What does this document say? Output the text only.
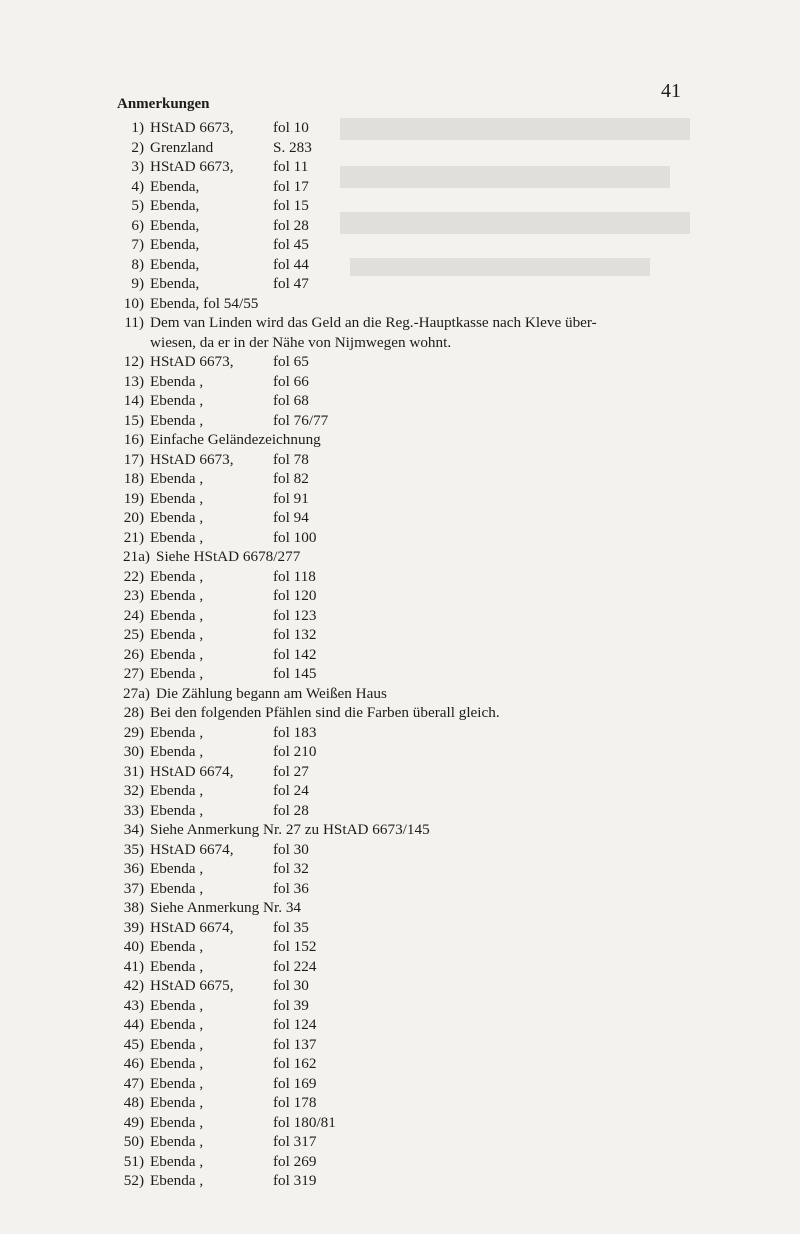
41
Anmerkungen
1) HStAD 6673,	fol 10
2) Grenzland	S. 283
3) HStAD 6673,	fol 11
4) Ebenda,	fol 17
5) Ebenda,	fol 15
6) Ebenda,	fol 28
7) Ebenda,	fol 45
8) Ebenda,	fol 44
9) Ebenda,	fol 47
10) Ebenda, fol 54/55
11) Dem van Linden wird das Geld an die Reg.-Hauptkasse nach Kleve über-
wiesen, da er in der Nähe von Nijmwegen wohnt.
12) HStAD 6673,	fol 65
13) Ebenda ,	fol 66
14) Ebenda ,	fol 68
15) Ebenda ,	fol 76/77
16) Einfache Geländezeichnung
17) HStAD 6673,	fol 78
18) Ebenda ,	fol 82
19) Ebenda ,	fol 91
20) Ebenda ,	fol 94
21) Ebenda ,	fol 100
21a) Siehe HStAD 6678/277
22) Ebenda ,	fol 118
23) Ebenda ,	fol 120
24) Ebenda ,	fol 123
25) Ebenda ,	fol 132
26) Ebenda ,	fol 142
27) Ebenda ,	fol 145
27a) Die Zählung begann am Weißen Haus
28) Bei den folgenden Pfählen sind die Farben überall gleich.
29) Ebenda ,	fol 183
30) Ebenda ,	fol 210
31) HStAD 6674,	fol 27
32) Ebenda ,	fol 24
33) Ebenda ,	fol 28
34) Siehe Anmerkung Nr. 27 zu HStAD 6673/145
35) HStAD 6674,	fol 30
36) Ebenda ,	fol 32
37) Ebenda ,	fol 36
38) Siehe Anmerkung Nr. 34
39) HStAD 6674,	fol 35
40) Ebenda ,	fol 152
41) Ebenda ,	fol 224
42) HStAD 6675,	fol 30
43) Ebenda ,	fol 39
44) Ebenda ,	fol 124
45) Ebenda ,	fol 137
46) Ebenda ,	fol 162
47) Ebenda ,	fol 169
48) Ebenda ,	fol 178
49) Ebenda ,	fol 180/81
50) Ebenda ,	fol 317
51) Ebenda ,	fol 269
52) Ebenda ,	fol 319
